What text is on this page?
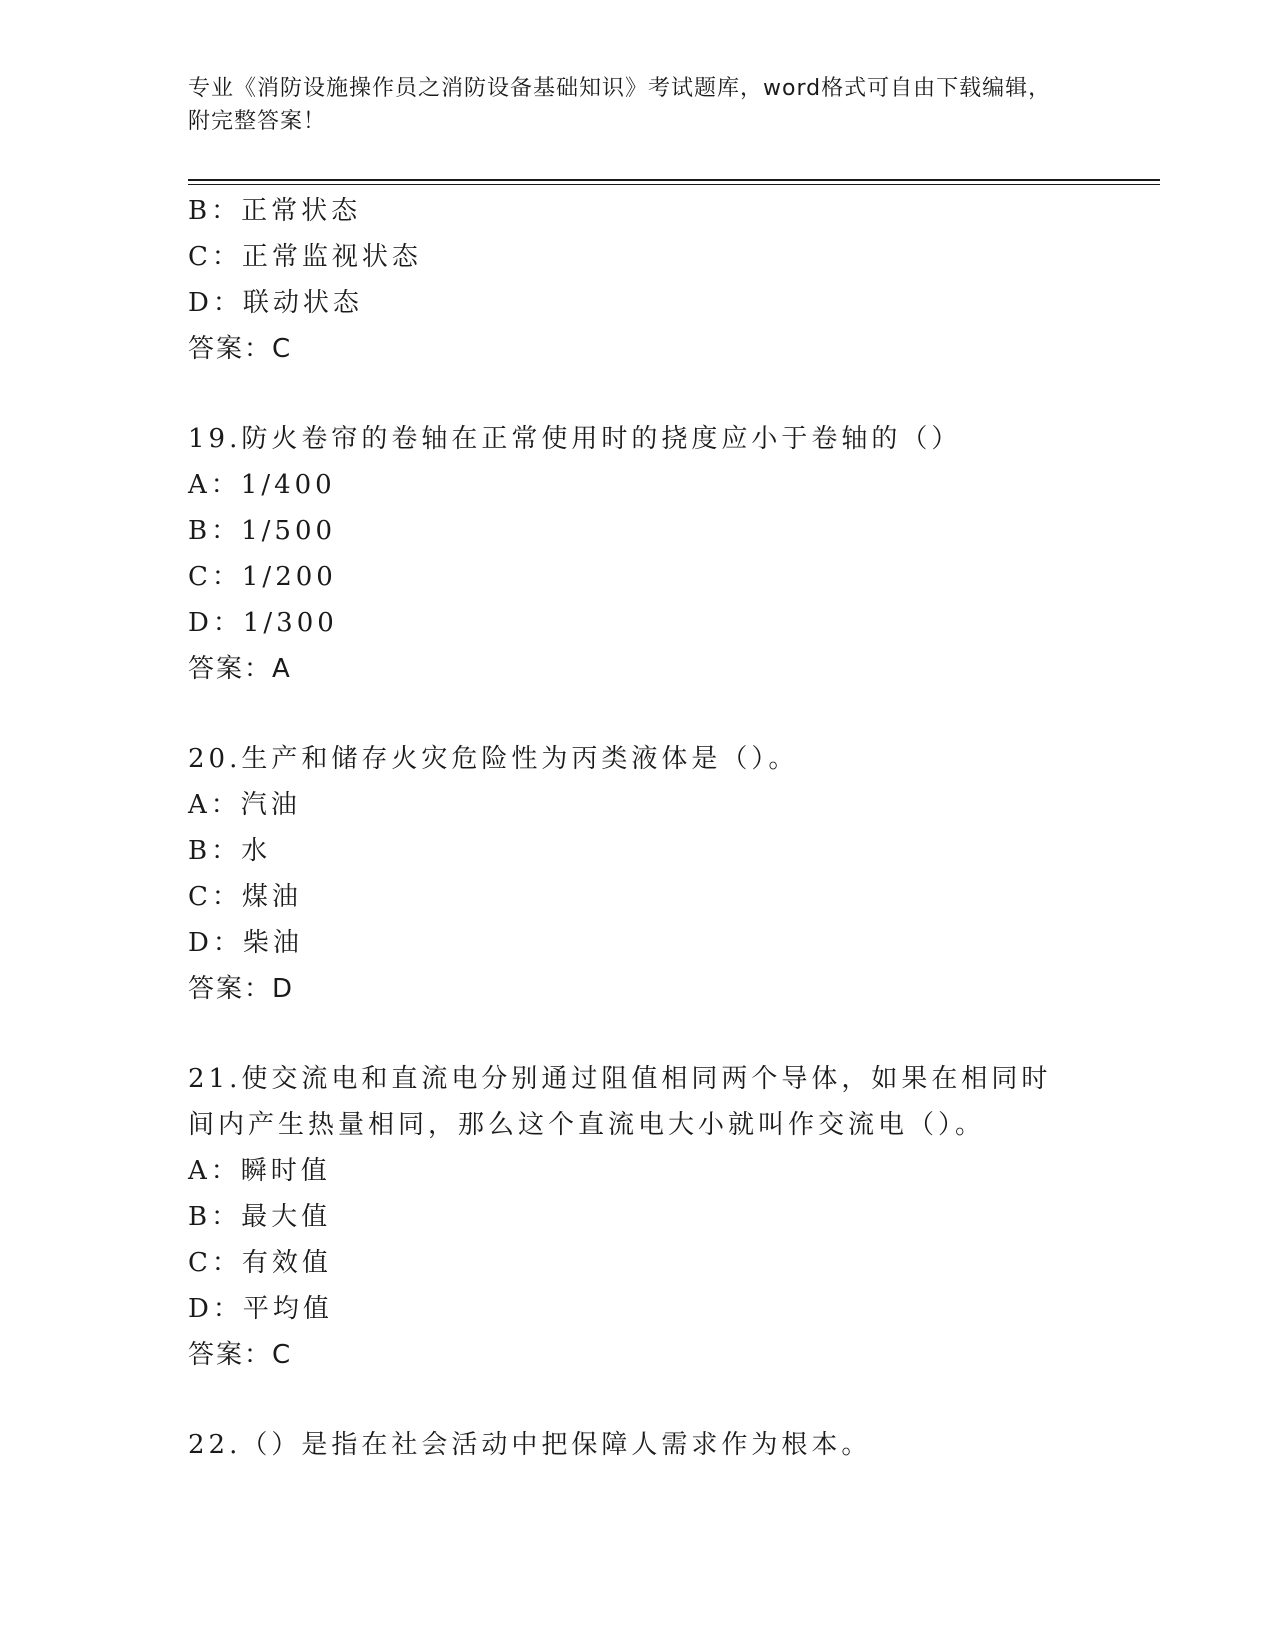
专业《消防设施操作员之消防设备基础知识》考试题库，word格式可自由下载编辑，附完整答案！
B：正常状态
C：正常监视状态
D：联动状态
答案：C
19.防火卷帘的卷轴在正常使用时的挠度应小于卷轴的（）
A：1/400
B：1/500
C：1/200
D：1/300
答案：A
20.生产和储存火灾危险性为丙类液体是（）。
A：汽油
B：水
C：煤油
D：柴油
答案：D
21.使交流电和直流电分别通过阻值相同两个导体，如果在相同时间内产生热量相同，那么这个直流电大小就叫作交流电（）。
A：瞬时值
B：最大值
C：有效值
D：平均值
答案：C
22.（）是指在社会活动中把保障人需求作为根本。
